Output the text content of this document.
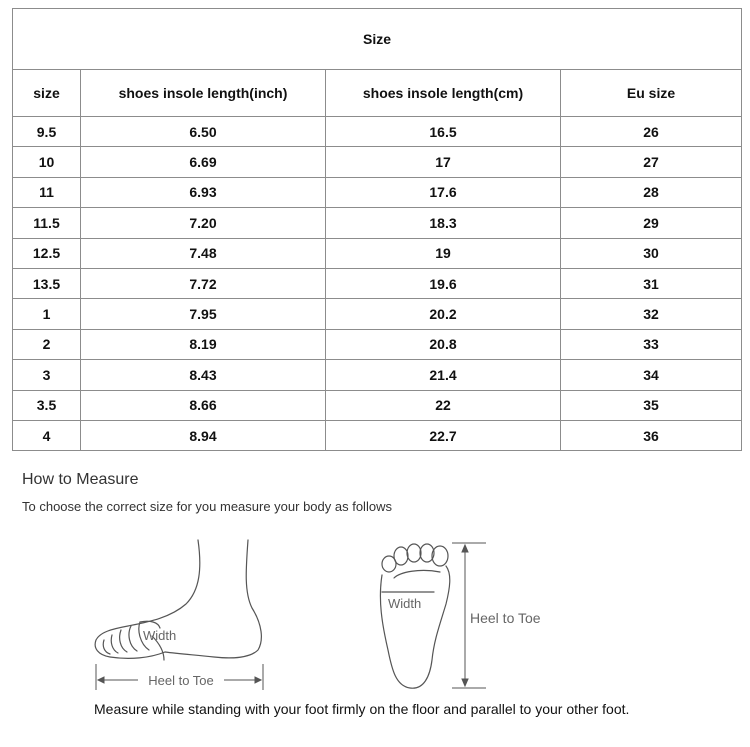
Size			
size	shoes insole length(inch)	shoes insole length(cm)	Eu size
9.5	6.50	16.5	26
10	6.69	17	27
11	6.93	17.6	28
11.5	7.20	18.3	29
12.5	7.48	19	30
13.5	7.72	19.6	31
1	7.95	20.2	32
2	8.19	20.8	33
3	8.43	21.4	34
3.5	8.66	22	35
4	8.94	22.7	36
How to Measure
To choose the correct size for you measure your body as follows
Width
Heel to Toe
Width
Heel to Toe
Measure while standing with your foot firmly on the floor and parallel to your other foot.
